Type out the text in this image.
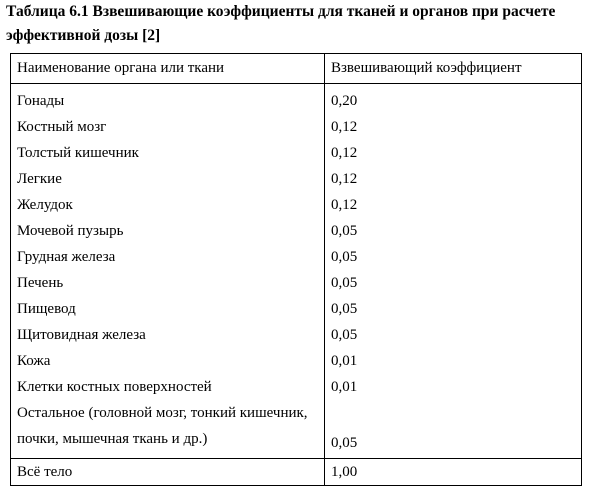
Таблица 6.1 Взвешивающие коэффициенты для тканей и органов при расчете эффективной дозы [2]

Наименование органа или ткани	Взвешивающий коэффициент
Гонады	0,20
Костный мозг	0,12
Толстый кишечник	0,12
Легкие	0,12
Желудок	0,12
Мочевой пузырь	0,05
Грудная железа	0,05
Печень	0,05
Пищевод	0,05
Щитовидная железа	0,05
Кожа	0,01
Клетки костных поверхностей	0,01
Остальное (головной мозг, тонкий кишечник, почки, мышечная ткань и др.)	0,05
Всё тело	1,00
